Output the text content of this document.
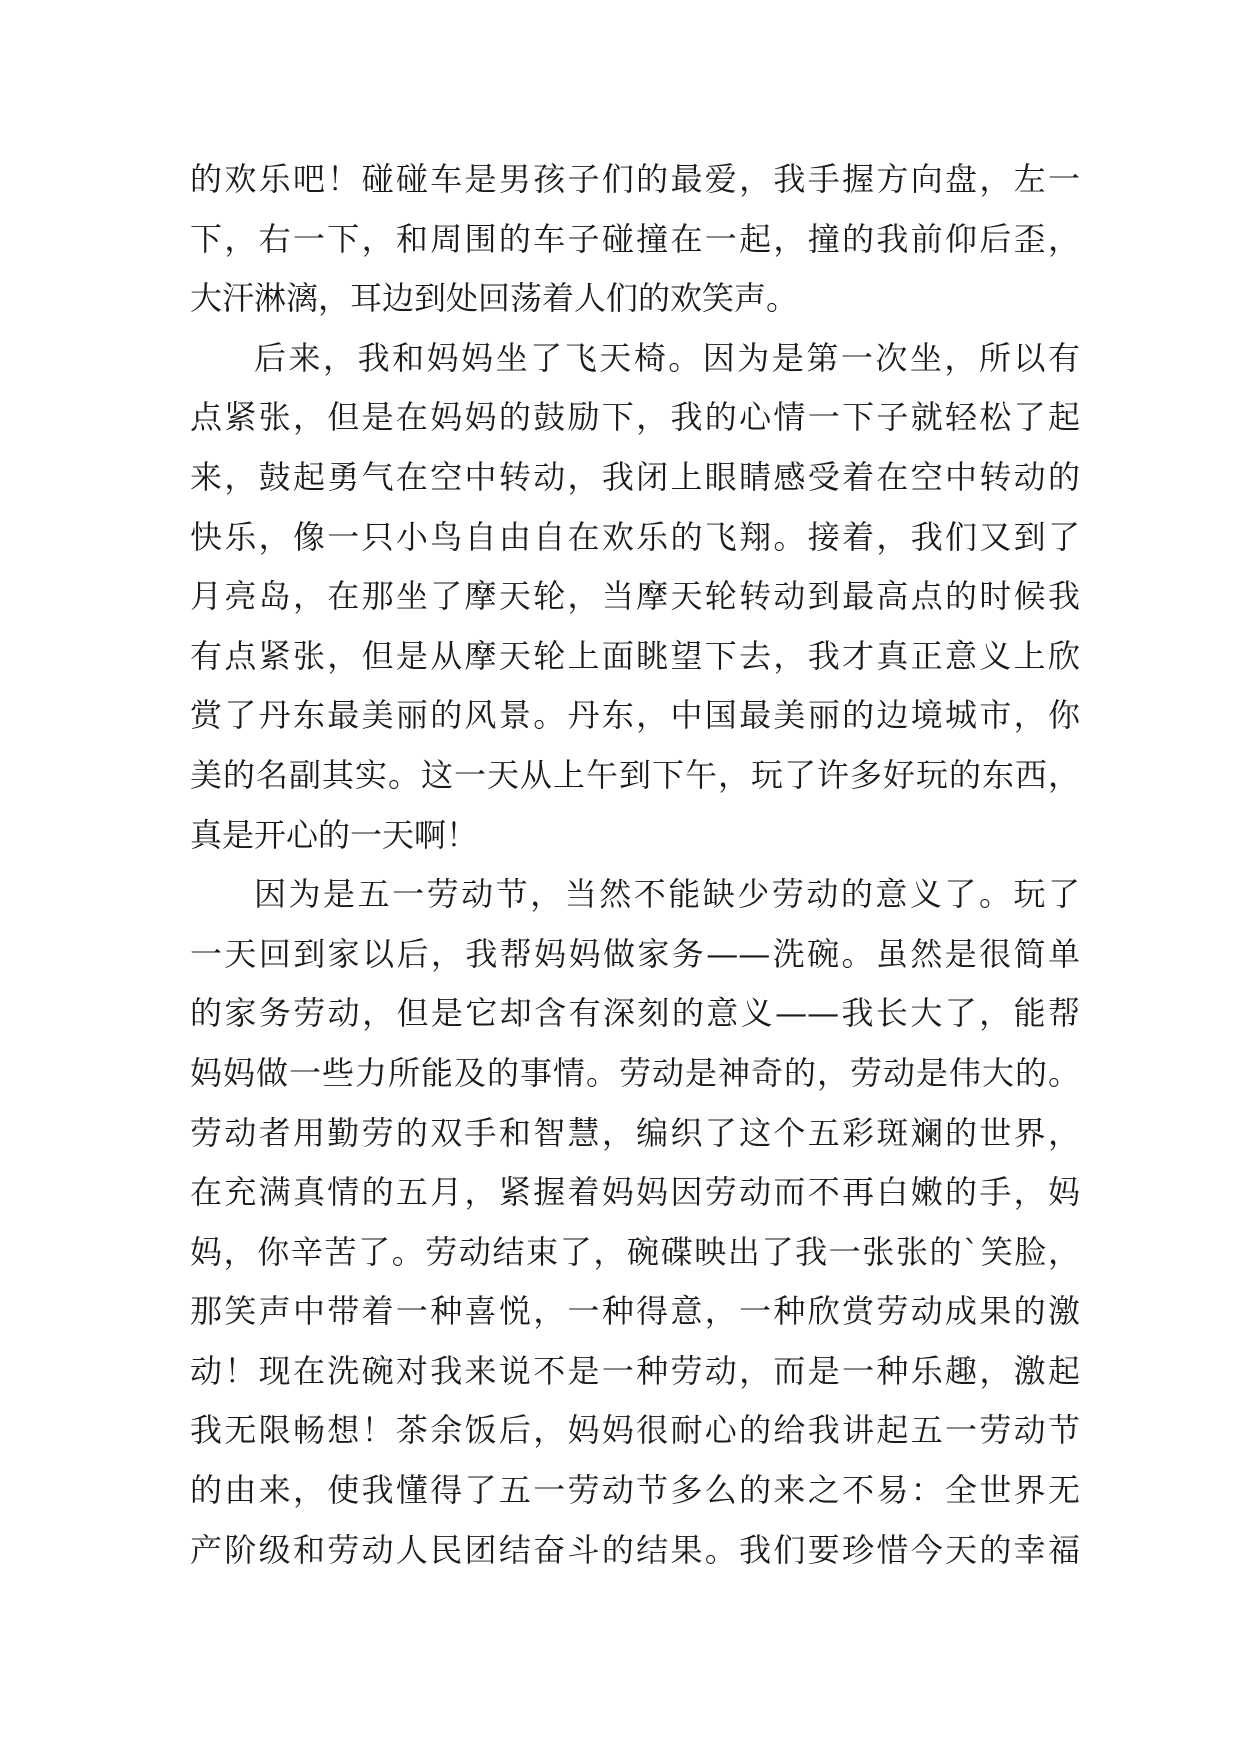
的欢乐吧！碰碰车是男孩子们的最爱，我手握方向盘，左一
下，右一下，和周围的车子碰撞在一起，撞的我前仰后歪，
大汗淋漓，耳边到处回荡着人们的欢笑声。
后来，我和妈妈坐了飞天椅。因为是第一次坐，所以有
点紧张，但是在妈妈的鼓励下，我的心情一下子就轻松了起
来，鼓起勇气在空中转动，我闭上眼睛感受着在空中转动的
快乐，像一只小鸟自由自在欢乐的飞翔。接着，我们又到了
月亮岛，在那坐了摩天轮，当摩天轮转动到最高点的时候我
有点紧张，但是从摩天轮上面眺望下去，我才真正意义上欣
赏了丹东最美丽的风景。丹东，中国最美丽的边境城市，你
美的名副其实。这一天从上午到下午，玩了许多好玩的东西，
真是开心的一天啊！
因为是五一劳动节，当然不能缺少劳动的意义了。玩了
一天回到家以后，我帮妈妈做家务——洗碗。虽然是很简单
的家务劳动，但是它却含有深刻的意义——我长大了，能帮
妈妈做一些力所能及的事情。劳动是神奇的，劳动是伟大的。
劳动者用勤劳的双手和智慧，编织了这个五彩斑斓的世界，
在充满真情的五月，紧握着妈妈因劳动而不再白嫩的手，妈
妈，你辛苦了。劳动结束了，碗碟映出了我一张张的`笑脸，
那笑声中带着一种喜悦，一种得意，一种欣赏劳动成果的激
动！现在洗碗对我来说不是一种劳动，而是一种乐趣，激起
我无限畅想！茶余饭后，妈妈很耐心的给我讲起五一劳动节
的由来，使我懂得了五一劳动节多么的来之不易：全世界无
产阶级和劳动人民团结奋斗的结果。我们要珍惜今天的幸福
